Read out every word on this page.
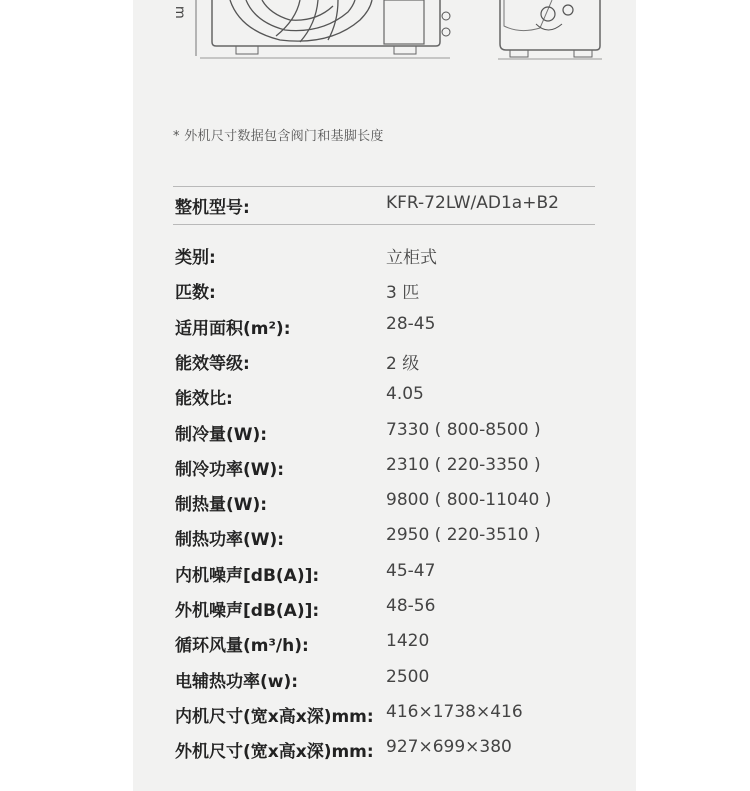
m
* 外机尺寸数据包含阀门和基脚长度
整机型号:	KFR-72LW/AD1a+B2
类别:	立柜式
匹数:	3 匹
适用面积(m²):	28-45
能效等级:	2 级
能效比:	4.05
制冷量(W):	7330 ( 800-8500 )
制冷功率(W):	2310 ( 220-3350 )
制热量(W):	9800 ( 800-11040 )
制热功率(W):	2950 ( 220-3510 )
内机噪声[dB(A)]:	45-47
外机噪声[dB(A)]:	48-56
循环风量(m³/h):	1420
电辅热功率(w):	2500
内机尺寸(宽x高x深)mm: 416×1738×416
外机尺寸(宽x高x深)mm: 927×699×380
